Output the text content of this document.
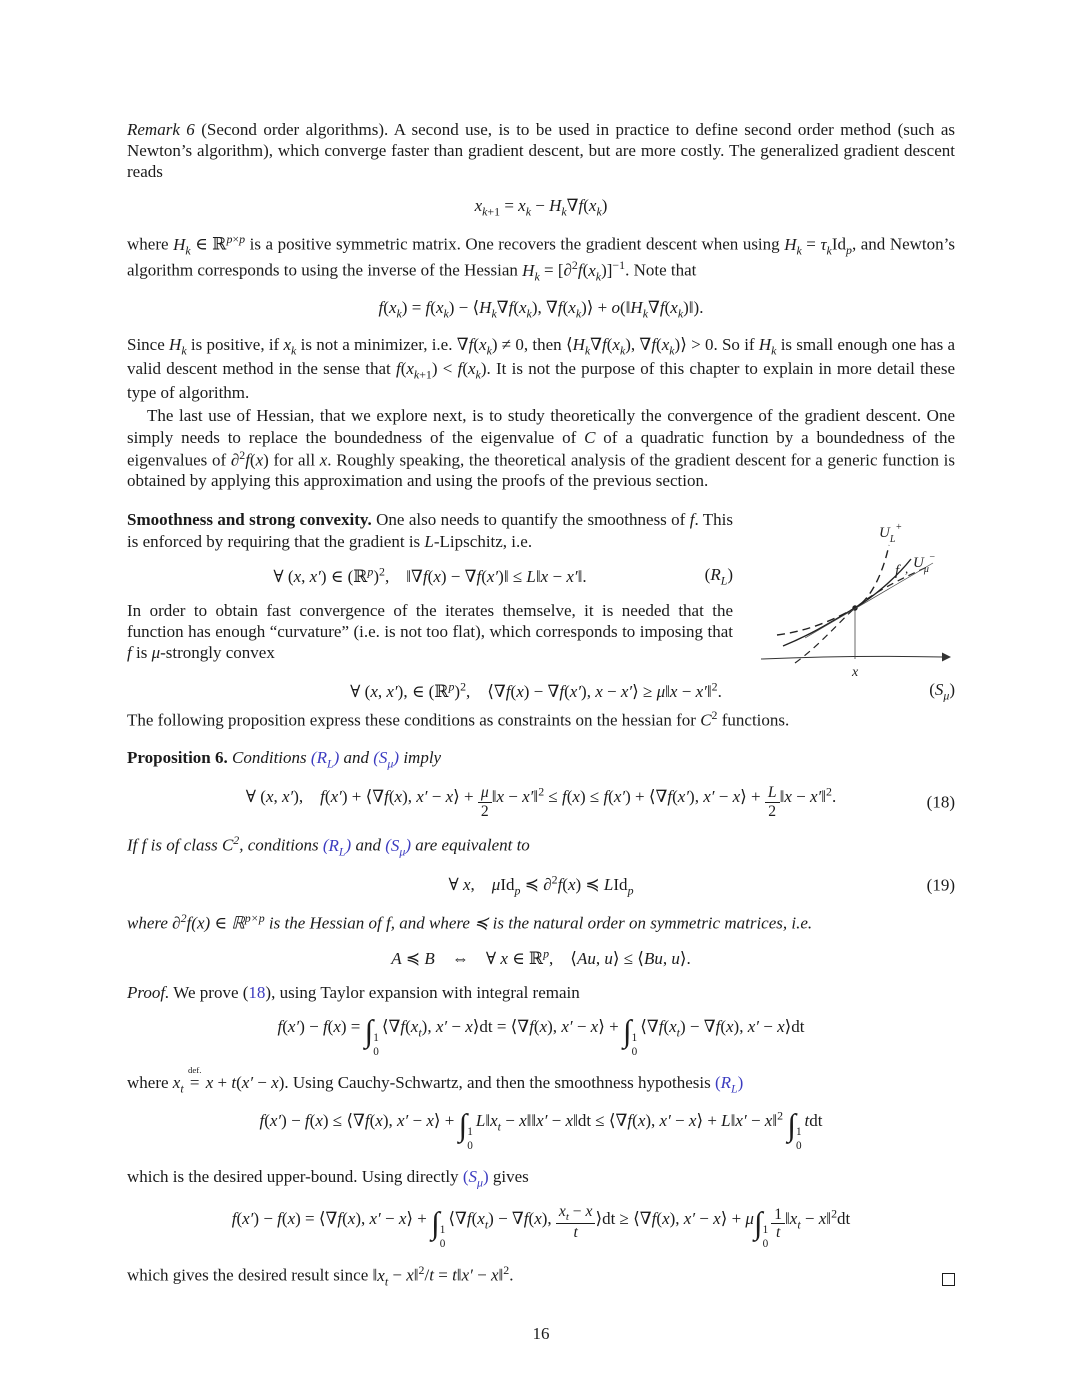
Remark 6 (Second order algorithms). A second use, is to be used in practice to define second order method (such as Newton’s algorithm), which converge faster than gradient descent, but are more costly. The generalized gradient descent reads

$x_{k+1} = x_k - H_k\nabla f(x_k)$

where $H_k$ ∈ ℝ$^{p\times p}$ is a positive symmetric matrix. One recovers the gradient descent when using $H_k = \tau_kId_p$, and Newton’s algorithm corresponds to using the inverse of the Hessian $H_k = [\partial^2f(x_k)]^{-1}$. Note that

$f(x_k) = f(x_k)$ − $⟨H_k\nabla f(x_k)$, $\nabla f(x_k)⟩$ + $o(‖H_k\nabla f(x_k)‖)$.

Since $H_k$ is positive, if $x_k$ is not a minimizer, i.e. $\nabla f(x_k) \ne 0$, then $⟨H_k\nabla f(x_k)$, $\nabla f(x_k)⟩ > 0$. So if $H_k$ is small enough one has a valid descent method in the sense that $f(x_{k+1}) < f(x_k)$. It is not the purpose of this chapter to explain in more detail these type of algorithm.

The last use of Hessian, that we explore next, is to study theoretically the convergence of the gradient descent. One simply needs to replace the boundedness of the eigenvalue of C of a quadratic function by a boundedness of the eigenvalues of ∂$^2$f(x) for all x. Roughly speaking, the theoretical analysis of the gradient descent for a generic function is obtained by applying this approximation and using the proofs of the previous section.

Smoothness and strong convexity. One also needs to quantify the smoothness of f. This is enforced by requiring that the gradient is L-Lipschitz, i.e.

∀ (x, x′) ∈ (ℝ$^p$)$^2$, ‖∇f(x) − ∇f(x′)‖ ≤ L‖x − x′‖.	$(R_L)$

In order to obtain fast convergence of the iterates themselve, it is needed that the function has enough “curvature” (i.e. is not too flat), which corresponds to imposing that f is μ-strongly convex

∀ (x, x′), ∈ (ℝ$^p$)$^2$, ⟨∇f(x) − ∇f(x′), x − x′⟩ ≥ μ‖x − x′‖$^2$.	$(S_\mu)$
$U_L^+$
f , $U_\mu^-$
x

The following proposition express these conditions as constraints on the hessian for $C^2$ functions.

Proposition 6. Conditions $(R_L)$ and $(S_\mu)$ imply

∀ (x, x′), f(x′) + ⟨∇f(x), x′ − x⟩ + $\frac{\mu}{2}$ ‖x − x′‖$^2$ ≤ f(x) ≤ f(x′) + ⟨∇f(x′), x′ − x⟩ + $\frac{L}{2}$ ‖x − x′‖$^2$.	(18)

If f is of class $C^2$, conditions $(R_L)$ and $(S_\mu)$ are equivalent to

∀ x, μId$_p$ ≼ ∂$^2$f(x) ≼ LId$_p$	(19)

where ∂$^2$f(x) ∈ ℝ$^{p\times p}$ is the Hessian of f, and where ≼ is the natural order on symmetric matrices, i.e.

A ≼ B ⇔ ∀ x ∈ ℝ$^p$, ⟨Au, u⟩ ≤ ⟨Bu, u⟩.

Proof. We prove (18), using Taylor expansion with integral remain

f(x′) − f(x) = ∫ 1
0
$⟨\nabla f(x_t)$, x′ − x⟩dt = ⟨∇f(x), x′ − x⟩ + ∫ 1
0
$⟨\nabla f(x_t) - \nabla f(x)$, x′ − x⟩dt

where $x_t$
def.
= x + t(x′ − x). Using Cauchy-Schwartz, and then the smoothness hypothesis $(R_L)$

f(x′) − f(x) ≤ ⟨∇f(x), x′ − x⟩ + ∫ 1
0
$L‖x_t$ − x‖‖x′ − x‖dt ≤ ⟨∇f(x), x′ − x⟩ + L‖x′ − x‖$^2$ ∫ 1
0
tdt

which is the desired upper-bound. Using directly $(S_\mu)$ gives

f(x′) − f(x) = ⟨∇f(x), x′ − x⟩ + ∫ 1
0
$⟨\nabla f(x_t) - \nabla f(x)$, $\frac{x_t - x}{t}$ ⟩dt ≥ ⟨∇f(x), x′ − x⟩ + μ∫ 1
0
$\frac{1}{t}$ $‖x_t$ − x‖$^2$dt

which gives the desired result since $‖x_t$ − x‖$^2$/t = t‖x′ − x‖$^2$.

16
